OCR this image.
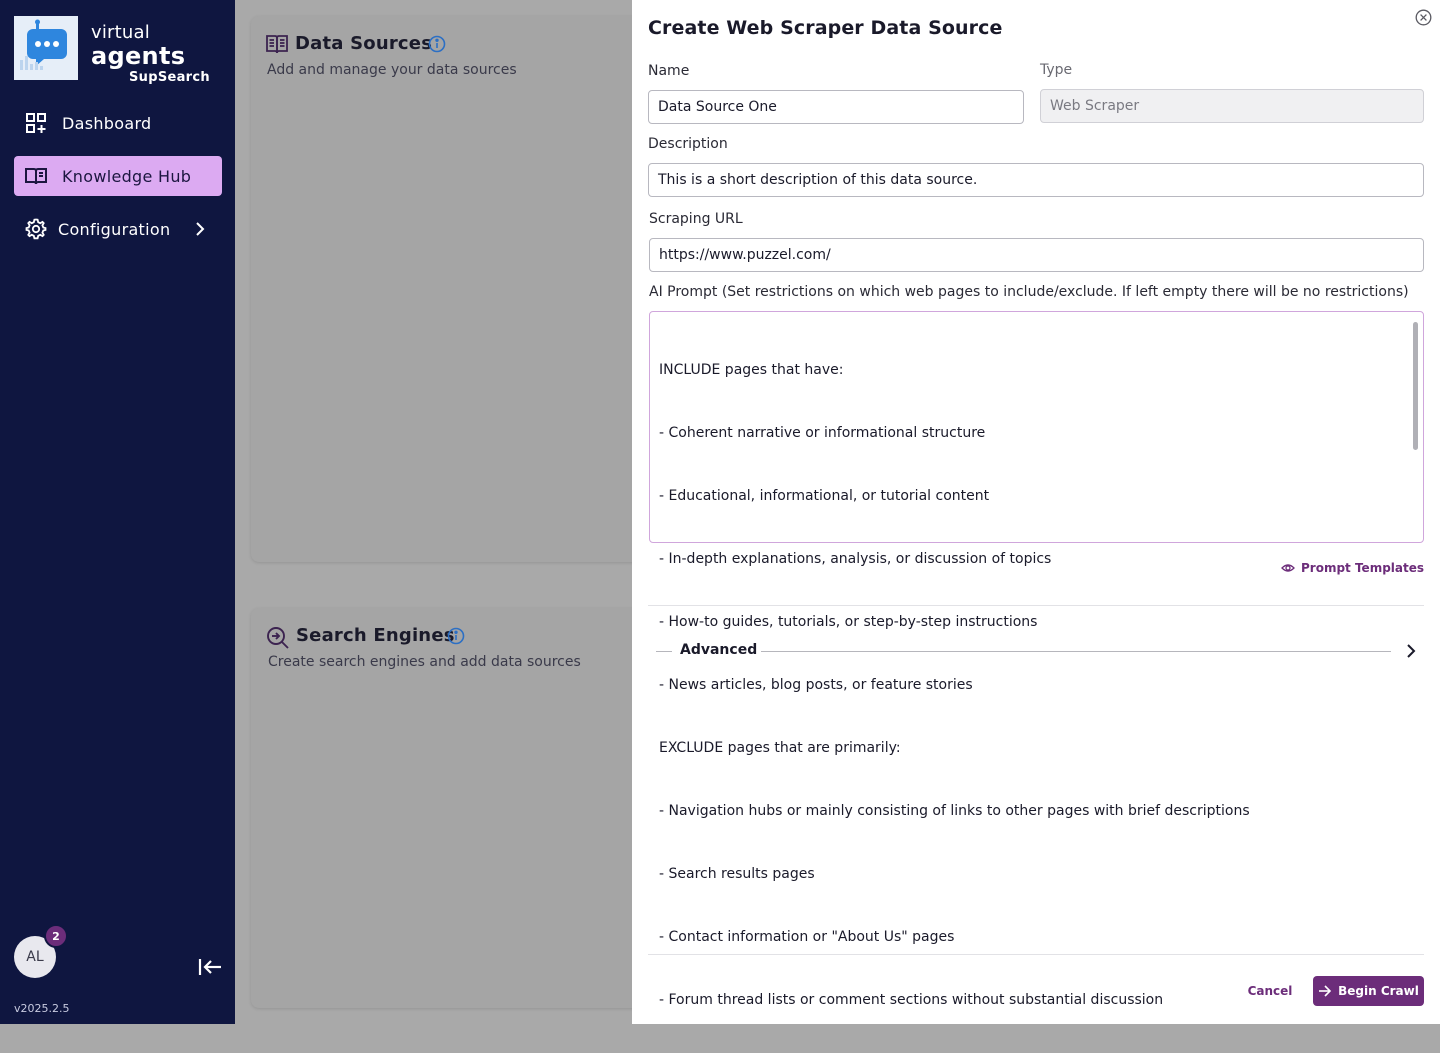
virtual
agents
SupSearch
Dashboard
Knowledge Hub
Configuration
AL
2
v2025.2.5
Data Sources
Add and manage your data sources
Search Engines
Create search engines and add data sources
Create Web Scraper Data Source
Name
Data Source One
Type
Web Scraper
Description
This is a short description of this data source.
Scraping URL
https://www.puzzel.com/
AI Prompt (Set restrictions on which web pages to include/exclude. If left empty there will be no restrictions)

INCLUDE pages that have:

- Coherent narrative or informational structure

- Educational, informational, or tutorial content

- In-depth explanations, analysis, or discussion of topics

- How-to guides, tutorials, or step-by-step instructions

- News articles, blog posts, or feature stories

EXCLUDE pages that are primarily:

- Navigation hubs or mainly consisting of links to other pages with brief descriptions

- Search results pages

- Contact information or "About Us" pages

- Forum thread lists or comment sections without substantial discussion

Prompt Templates
Advanced
Cancel	Begin Crawl
